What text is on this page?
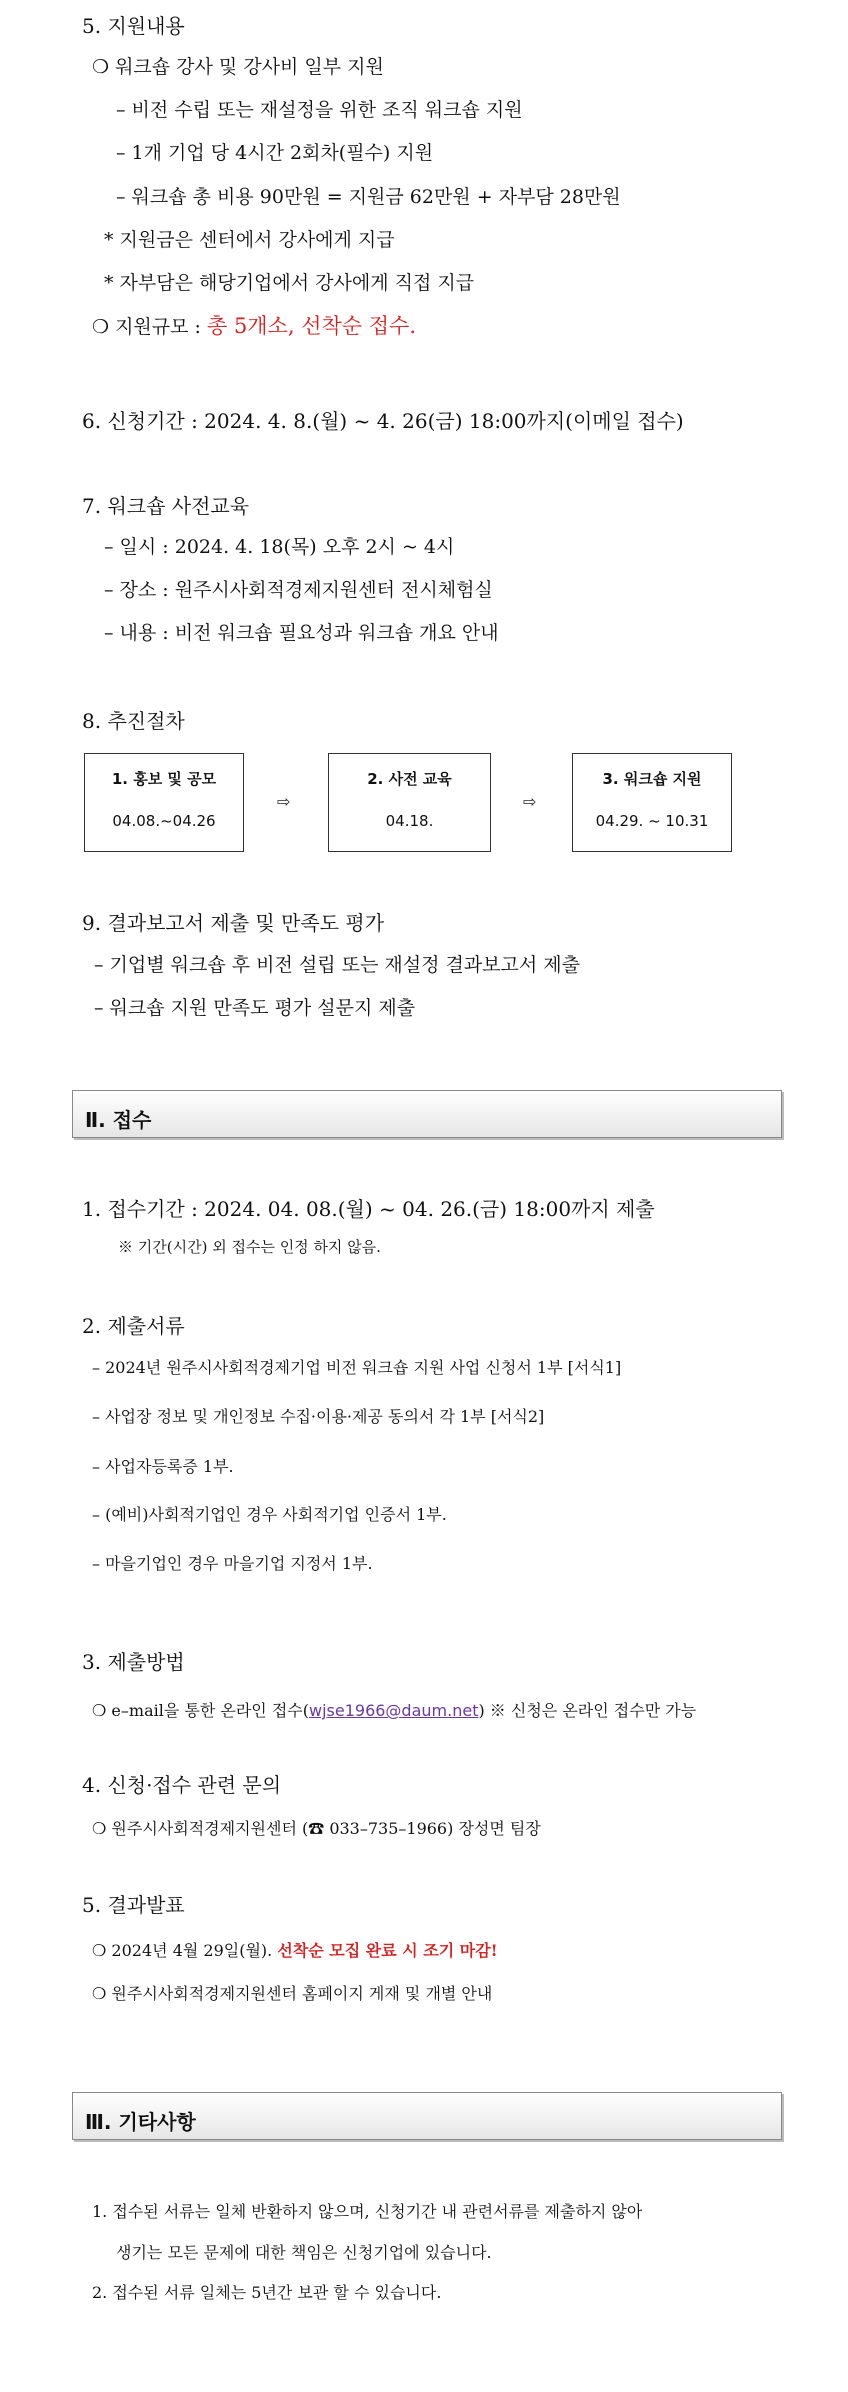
5. 지원내용
❍ 워크숍 강사 및 강사비 일부 지원
– 비전 수립 또는 재설정을 위한 조직 워크숍 지원
– 1개 기업 당 4시간 2회차(필수) 지원
– 워크숍 총 비용 90만원 = 지원금 62만원 + 자부담 28만원
* 지원금은 센터에서 강사에게 지급
* 자부담은 해당기업에서 강사에게 직접 지급
❍ 지원규모 : 총 5개소, 선착순 접수.
6. 신청기간 : 2024. 4. 8.(월) ~ 4. 26(금) 18:00까지(이메일 접수)
7. 워크숍 사전교육
– 일시 : 2024. 4. 18(목) 오후 2시 ~ 4시
– 장소 : 원주시사회적경제지원센터 전시체험실
– 내용 : 비전 워크숍 필요성과 워크숍 개요 안내
8. 추진절차
1. 홍보 및 공모
04.08.~04.26
⇨
2. 사전 교육
04.18.
⇨
3. 워크숍 지원
04.29. ~ 10.31
9. 결과보고서 제출 및 만족도 평가
– 기업별 워크숍 후 비전 설립 또는 재설정 결과보고서 제출
– 워크숍 지원 만족도 평가 설문지 제출
Ⅱ. 접수
1. 접수기간 : 2024. 04. 08.(월) ~ 04. 26.(금) 18:00까지 제출
※ 기간(시간) 외 접수는 인정 하지 않음.
2. 제출서류
– 2024년 원주시사회적경제기업 비전 워크숍 지원 사업 신청서 1부 [서식1]
– 사업장 정보 및 개인정보 수집·이용·제공 동의서 각 1부 [서식2]
– 사업자등록증 1부.
– (예비)사회적기업인 경우 사회적기업 인증서 1부.
– 마을기업인 경우 마을기업 지정서 1부.
3. 제출방법
❍ e–mail을 통한 온라인 접수(wjse1966@daum.net) ※ 신청은 온라인 접수만 가능
4. 신청·접수 관련 문의
❍ 원주시사회적경제지원센터 (☎ 033–735–1966) 장성면 팀장
5. 결과발표
❍ 2024년 4월 29일(월). 선착순 모집 완료 시 조기 마감!
❍ 원주시사회적경제지원센터 홈페이지 게재 및 개별 안내
Ⅲ. 기타사항
1. 접수된 서류는 일체 반환하지 않으며, 신청기간 내 관련서류를 제출하지 않아
생기는 모든 문제에 대한 책임은 신청기업에 있습니다.
2. 접수된 서류 일체는 5년간 보관 할 수 있습니다.
